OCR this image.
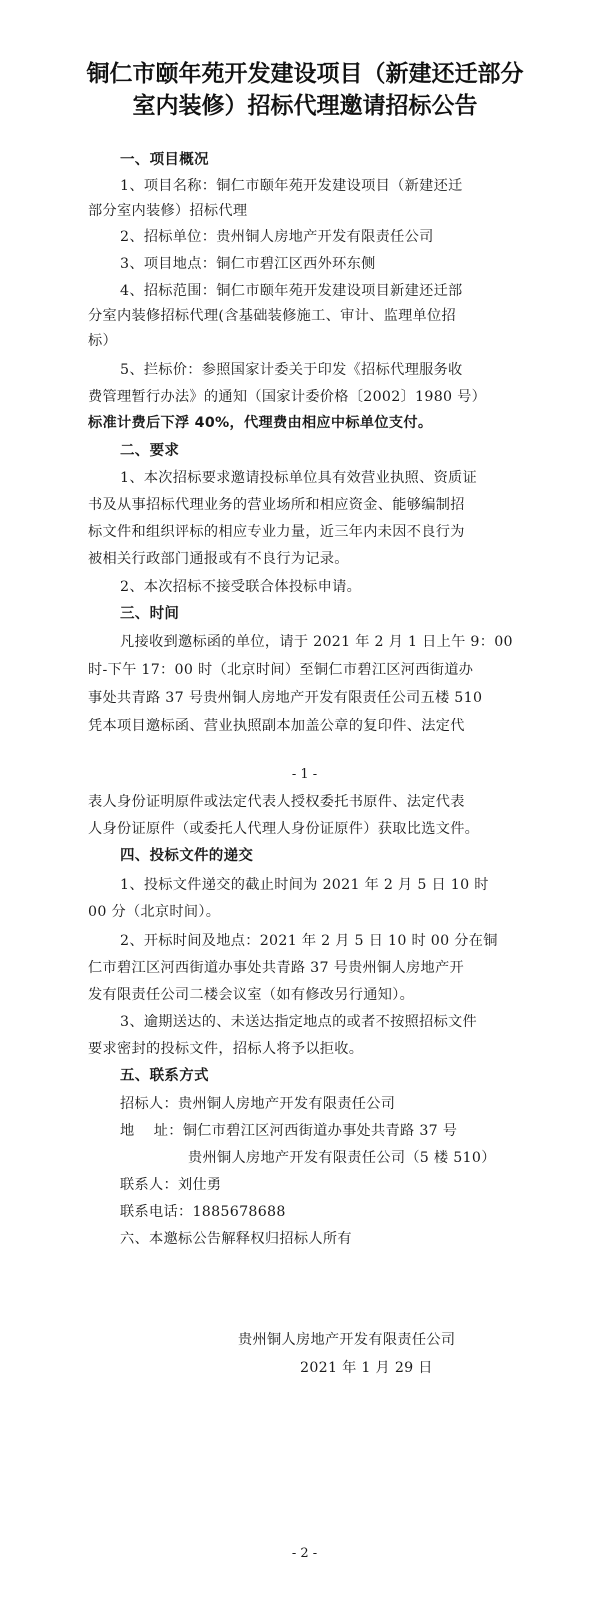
铜仁市颐年苑开发建设项目（新建还迁部分
室内装修）招标代理邀请招标公告
一、项目概况
1、项目名称：铜仁市颐年苑开发建设项目（新建还迁
部分室内装修）招标代理
2、招标单位：贵州铜人房地产开发有限责任公司
3、项目地点：铜仁市碧江区西外环东侧
4、招标范围：铜仁市颐年苑开发建设项目新建还迁部
分室内装修招标代理(含基础装修施工、审计、监理单位招
标）
5、拦标价：参照国家计委关于印发《招标代理服务收
费管理暂行办法》的通知（国家计委价格〔2002〕1980 号）
标准计费后下浮 40%，代理费由相应中标单位支付。
二、要求
1、本次招标要求邀请投标单位具有效营业执照、资质证
书及从事招标代理业务的营业场所和相应资金、能够编制招
标文件和组织评标的相应专业力量，近三年内未因不良行为
被相关行政部门通报或有不良行为记录。
2、本次招标不接受联合体投标申请。
三、时间
凡接收到邀标函的单位，请于 2021 年 2 月 1 日上午 9：00
时-下午 17：00 时（北京时间）至铜仁市碧江区河西街道办
事处共青路 37 号贵州铜人房地产开发有限责任公司五楼 510
凭本项目邀标函、营业执照副本加盖公章的复印件、法定代
- 1 -
表人身份证明原件或法定代表人授权委托书原件、法定代表
人身份证原件（或委托人代理人身份证原件）获取比选文件。
四、投标文件的递交
1、投标文件递交的截止时间为 2021 年 2 月 5 日 10 时
00 分（北京时间）。
2、开标时间及地点：2021 年 2 月 5 日 10 时 00 分在铜
仁市碧江区河西街道办事处共青路 37 号贵州铜人房地产开
发有限责任公司二楼会议室（如有修改另行通知）。
3、逾期送达的、未送达指定地点的或者不按照招标文件
要求密封的投标文件，招标人将予以拒收。
五、联系方式
招标人：贵州铜人房地产开发有限责任公司
地    址：铜仁市碧江区河西街道办事处共青路 37 号
贵州铜人房地产开发有限责任公司（5 楼 510）
联系人：刘仕勇
联系电话：1885678688
六、本邀标公告解释权归招标人所有
贵州铜人房地产开发有限责任公司
2021 年 1 月 29 日
- 2 -
